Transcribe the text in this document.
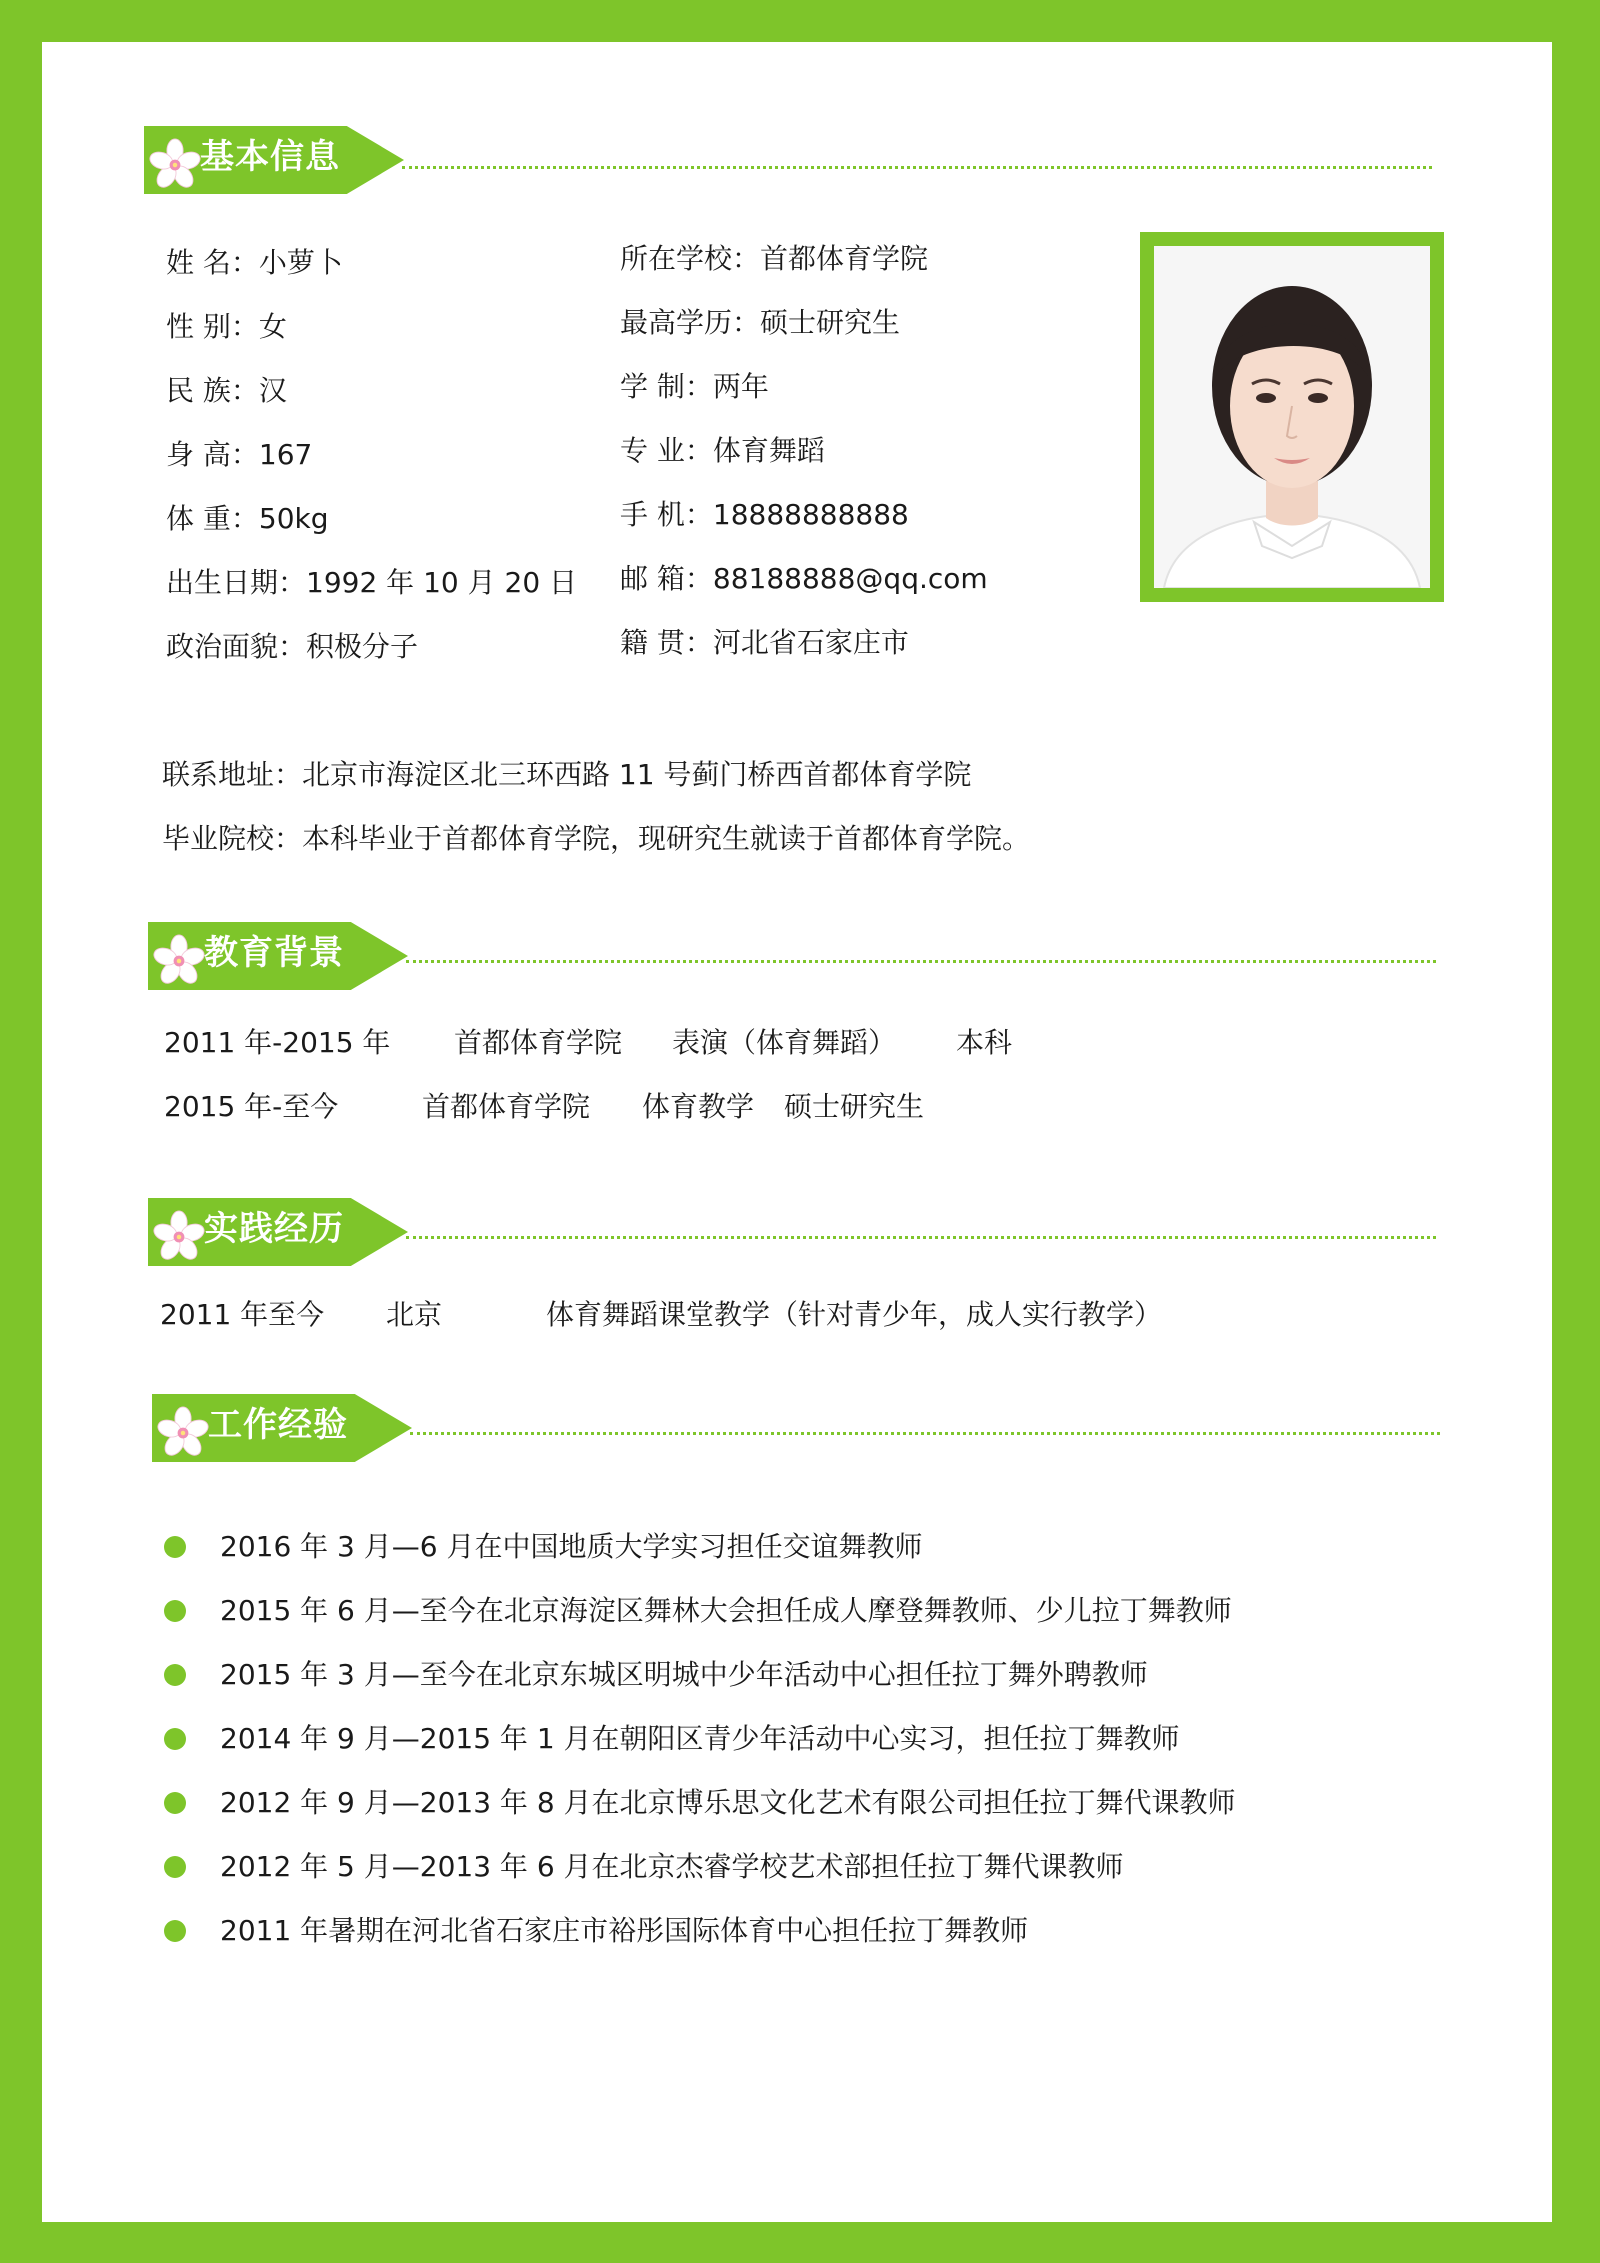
基本信息
姓 名：小萝卜
性 别：女
民 族：汉
身 高：167
体 重：50kg
出生日期：1992 年 10 月 20 日
政治面貌：积极分子
所在学校：首都体育学院
最高学历：硕士研究生
学 制：两年
专 业：体育舞蹈
手 机：18888888888
邮 箱：88188888@qq.com
籍 贯：河北省石家庄市
联系地址：北京市海淀区北三环西路 11 号蓟门桥西首都体育学院
毕业院校：本科毕业于首都体育学院，现研究生就读于首都体育学院。
教育背景
2011 年-2015 年 首都体育学院 表演（体育舞蹈） 本科
2015 年-至今	首都体育学院 体育教学 硕士研究生
实践经历
2011 年至今 北京	体育舞蹈课堂教学（针对青少年，成人实行教学）
工作经验
2016 年 3 月—6 月在中国地质大学实习担任交谊舞教师
2015 年 6 月—至今在北京海淀区舞林大会担任成人摩登舞教师、少儿拉丁舞教师
2015 年 3 月—至今在北京东城区明城中少年活动中心担任拉丁舞外聘教师
2014 年 9 月—2015 年 1 月在朝阳区青少年活动中心实习，担任拉丁舞教师
2012 年 9 月—2013 年 8 月在北京博乐思文化艺术有限公司担任拉丁舞代课教师
2012 年 5 月—2013 年 6 月在北京杰睿学校艺术部担任拉丁舞代课教师
2011 年暑期在河北省石家庄市裕彤国际体育中心担任拉丁舞教师
